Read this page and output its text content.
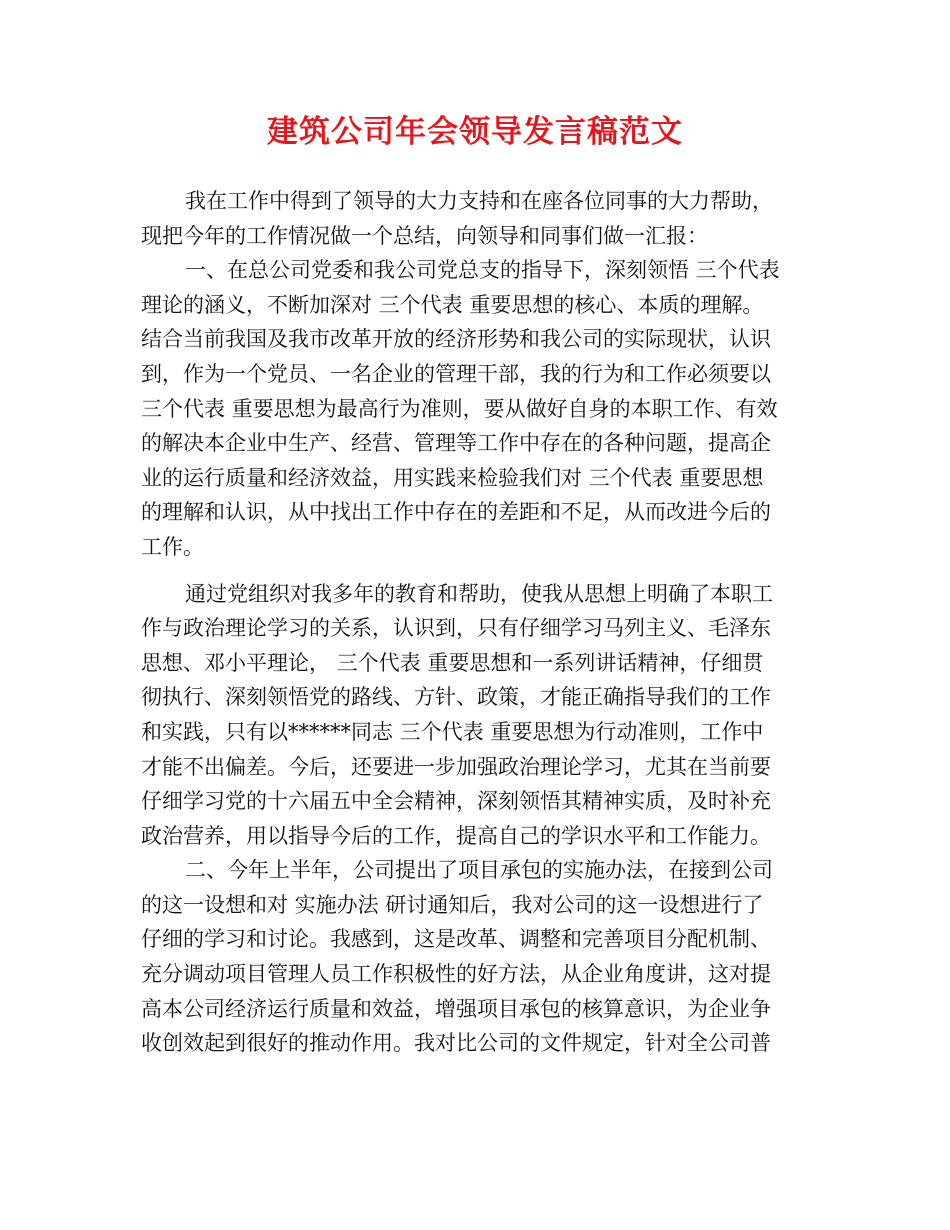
建筑公司年会领导发言稿范文
我在工作中得到了领导的大力支持和在座各位同事的大力帮助，
现把今年的工作情况做一个总结，向领导和同事们做一汇报：
一、在总公司党委和我公司党总支的指导下，深刻领悟 三个代表
理论的涵义，不断加深对 三个代表 重要思想的核心、本质的理解。
结合当前我国及我市改革开放的经济形势和我公司的实际现状，认识
到，作为一个党员、一名企业的管理干部，我的行为和工作必须要以
三个代表 重要思想为最高行为准则，要从做好自身的本职工作、有效
的解决本企业中生产、经营、管理等工作中存在的各种问题，提高企
业的运行质量和经济效益，用实践来检验我们对 三个代表 重要思想
的理解和认识，从中找出工作中存在的差距和不足，从而改进今后的
工作。
通过党组织对我多年的教育和帮助，使我从思想上明确了本职工
作与政治理论学习的关系，认识到，只有仔细学习马列主义、毛泽东
思想、邓小平理论， 三个代表 重要思想和一系列讲话精神，仔细贯
彻执行、深刻领悟党的路线、方针、政策，才能正确指导我们的工作
和实践，只有以******同志 三个代表 重要思想为行动准则，工作中
才能不出偏差。今后，还要进一步加强政治理论学习，尤其在当前要
仔细学习党的十六届五中全会精神，深刻领悟其精神实质，及时补充
政治营养，用以指导今后的工作，提高自己的学识水平和工作能力。
二、今年上半年，公司提出了项目承包的实施办法，在接到公司
的这一设想和对 实施办法 研讨通知后，我对公司的这一设想进行了
仔细的学习和讨论。我感到，这是改革、调整和完善项目分配机制、
充分调动项目管理人员工作积极性的好方法，从企业角度讲，这对提
高本公司经济运行质量和效益，增强项目承包的核算意识，为企业争
收创效起到很好的推动作用。我对比公司的文件规定，针对全公司普
